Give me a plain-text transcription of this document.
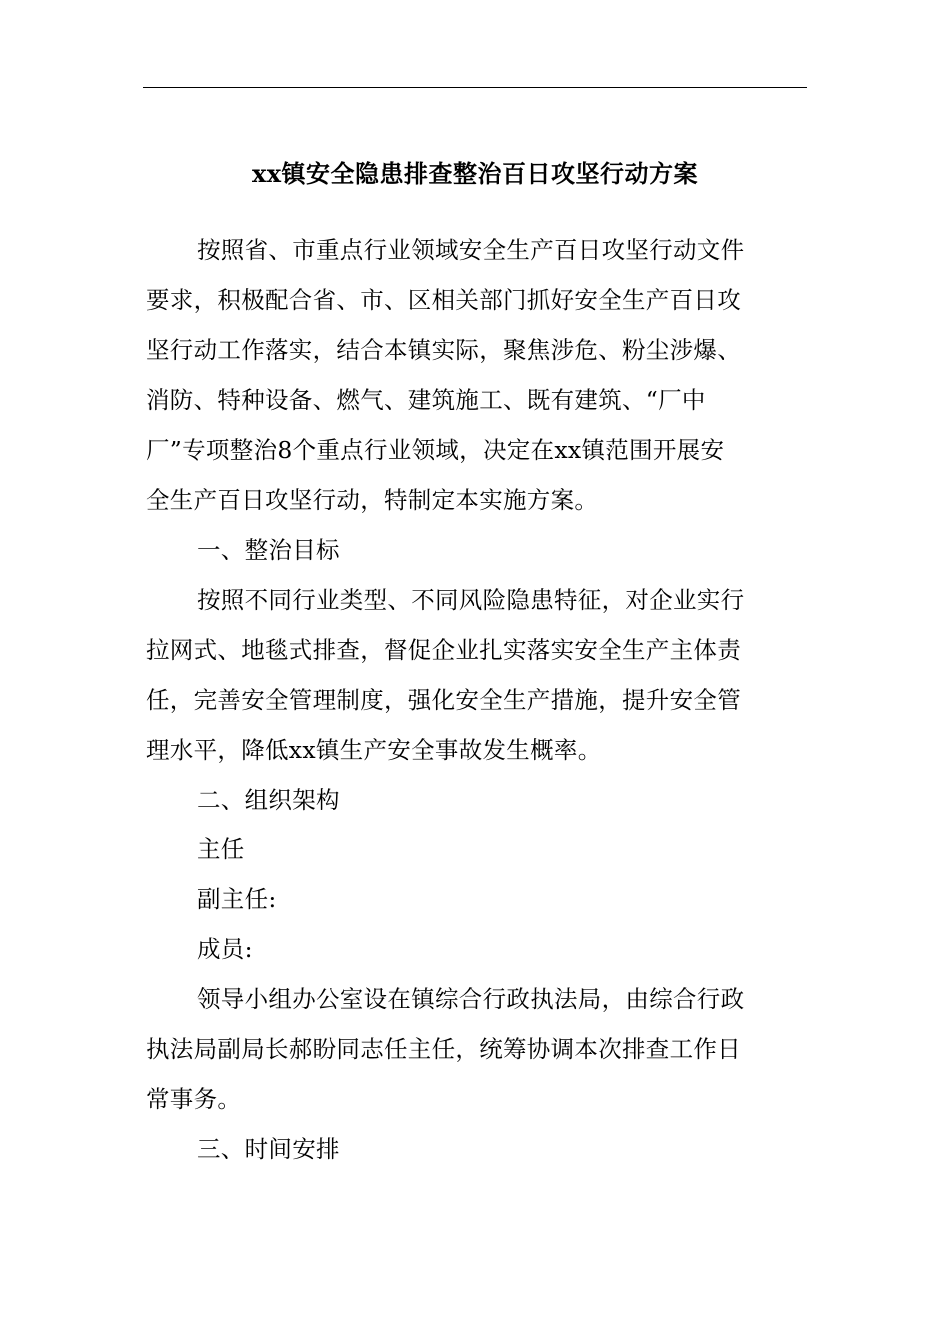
xx镇安全隐患排查整治百日攻坚行动方案
按照省、市重点行业领域安全生产百日攻坚行动文件
要求，积极配合省、市、区相关部门抓好安全生产百日攻
坚行动工作落实，结合本镇实际，聚焦涉危、粉尘涉爆、
消防、特种设备、燃气、建筑施工、既有建筑、“厂中
厂”专项整治8个重点行业领域，决定在xx镇范围开展安
全生产百日攻坚行动，特制定本实施方案。
一、整治目标
按照不同行业类型、不同风险隐患特征，对企业实行
拉网式、地毯式排查，督促企业扎实落实安全生产主体责
任，完善安全管理制度，强化安全生产措施，提升安全管
理水平，降低xx镇生产安全事故发生概率。
二、组织架构
主任
副主任:
成员:
领导小组办公室设在镇综合行政执法局，由综合行政
执法局副局长郝盼同志任主任，统筹协调本次排查工作日
常事务。
三、时间安排
